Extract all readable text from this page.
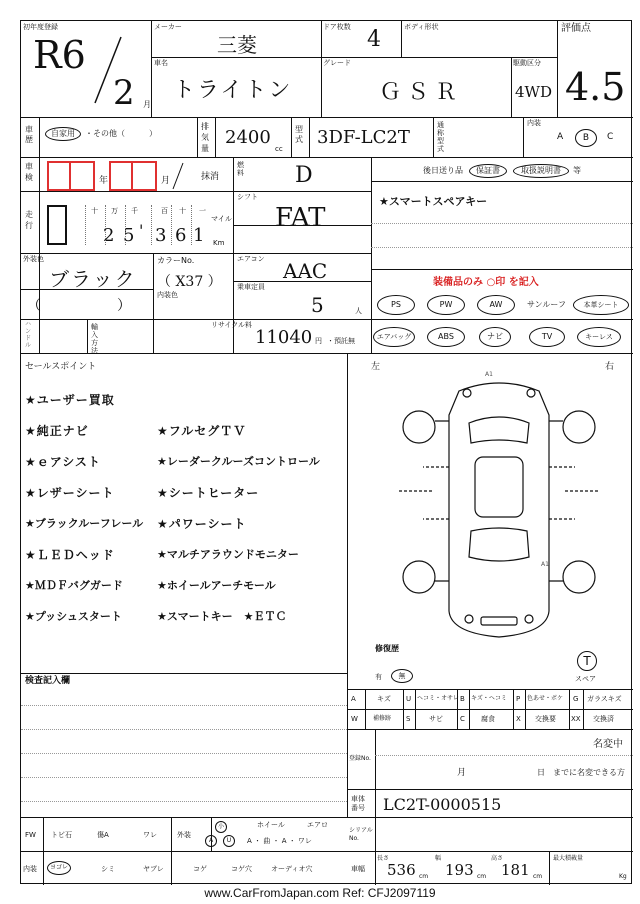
初年度登録
R6
2 月
メーカー
三菱
ドア枚数 4	ボディ形状	評価点
4.5
車名
トライトン
グレード
ＧＳＲ
駆動区分
4WD
車歴
自家用	・その他（　　　）
排気量
2400
cc
型式 3DF-LC2T
通称型式
内装
A	B	C
車検	年	月	抹消
燃料 D
走行
十 万 千	百 十 一
マイル
2 5 ' 3 6 1 Km
シフト
FAT
外装色
ブラック
カラーNo.
（ X37 ）
エアコン AAC
（　　　　）
内装色
乗車定員
5	人
ハンドル
輸入方法
リサイクル料
11040 円 ・預託無
後日送り品	保証書	取扱説明書	等
★スマートスペアキー
装備品のみ ○印 を記入
PS	PW	AW	サンルーフ	本革シート
エアバッグ	ABS	ナビ	TV	キーレス
セールスポイント
★ユーザー買取
★純正ナビ	★フルセグＴＶ
★ｅアシスト	★レーダークルーズコントロール
★レザーシート	★シートヒーター
★ブラックルーフレール ★パワーシート
★ＬＥＤヘッド	★マルチアラウンドモニター
★ＭＤＦバグガード	★ホイールアーチモール
★プッシュスタート	★スマートキー　★ＥＴＣ
検査記入欄
左	右
A1
A1
修復歴
有	無
T
スペア
A	キズ U ヘコミ・オサレ B キズ・ヘコミ P 色あせ・ボケ G ガラスキズ
W	補修跡 S	サビ C 腐食	X 交換要 XX 交換済
登録No.
名変中
月	日　までに名変できる方
車体番号	LC2T-0000515
FW トビ石	傷A	ワレ	外装
小
A	U
ホイール
A ・ 曲 ・ A ・ ワレ
エアロ
内装	ヨゴレ	シミ	ヤブレ	コゲ	コゲ穴	オーディオ穴
シリアルNo.
車幅
長さ
536 cm
幅
193 cm
高さ
181 cm
最大積載量
Kg
www.CarFromJapan.com Ref: CFJ2097119
